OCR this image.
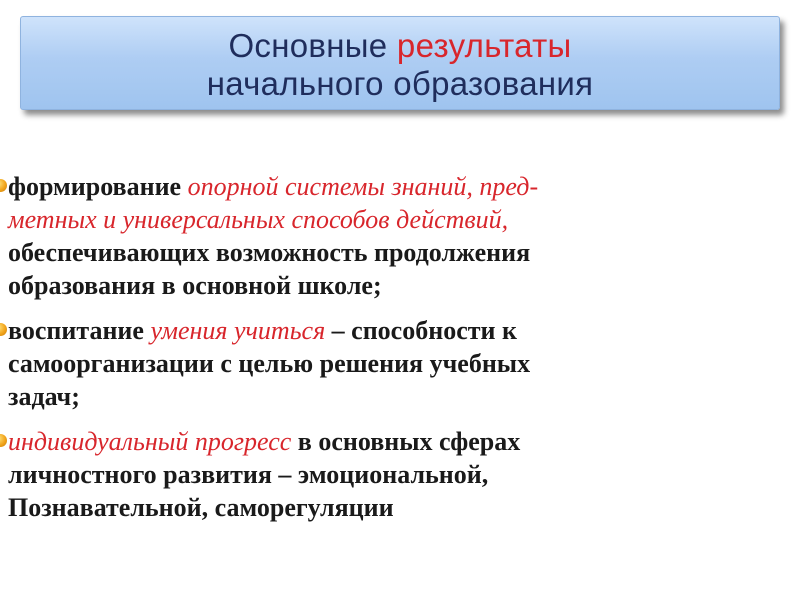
Основные результаты
начального образования
формирование опорной системы знаний, пред-
метных и универсальных способов действий,
обеспечивающих возможность продолжения
образования в основной школе;
воспитание умения учиться – способности к
самоорганизации с целью решения учебных
задач;
индивидуальный прогресс в основных сферах
личностного развития – эмоциональной,
Познавательной, саморегуляции
